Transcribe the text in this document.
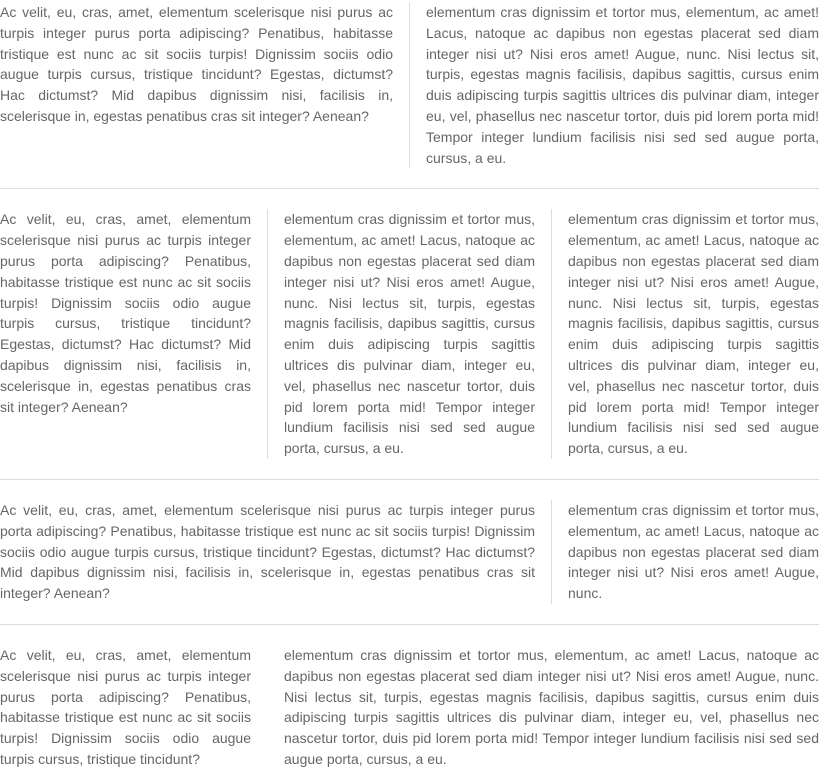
Ac velit, eu, cras, amet, elementum scelerisque nisi purus ac turpis integer purus porta adipiscing? Penatibus, habitasse tristique est nunc ac sit sociis turpis! Dignissim sociis odio augue turpis cursus, tristique tincidunt? Egestas, dictumst? Hac dictumst? Mid dapibus dignissim nisi, facilisis in, scelerisque in, egestas penatibus cras sit integer? Aenean?

elementum cras dignissim et tortor mus, elementum, ac amet! Lacus, natoque ac dapibus non egestas placerat sed diam integer nisi ut? Nisi eros amet! Augue, nunc. Nisi lectus sit, turpis, egestas magnis facilisis, dapibus sagittis, cursus enim duis adipiscing turpis sagittis ultrices dis pulvinar diam, integer eu, vel, phasellus nec nascetur tortor, duis pid lorem porta mid! Tempor integer lundium facilisis nisi sed sed augue porta, cursus, a eu.

Ac velit, eu, cras, amet, elementum scelerisque nisi purus ac turpis integer purus porta adipiscing? Penatibus, habitasse tristique est nunc ac sit sociis turpis! Dignissim sociis odio augue turpis cursus, tristique tincidunt? Egestas, dictumst? Hac dictumst? Mid dapibus dignissim nisi, facilisis in, scelerisque in, egestas penatibus cras sit integer? Aenean?

elementum cras dignissim et tortor mus, elementum, ac amet! Lacus, natoque ac dapibus non egestas placerat sed diam integer nisi ut? Nisi eros amet! Augue, nunc. Nisi lectus sit, turpis, egestas magnis facilisis, dapibus sagittis, cursus enim duis adipiscing turpis sagittis ultrices dis pulvinar diam, integer eu, vel, phasellus nec nascetur tortor, duis pid lorem porta mid! Tempor integer lundium facilisis nisi sed sed augue porta, cursus, a eu.

elementum cras dignissim et tortor mus, elementum, ac amet! Lacus, natoque ac dapibus non egestas placerat sed diam integer nisi ut? Nisi eros amet! Augue, nunc. Nisi lectus sit, turpis, egestas magnis facilisis, dapibus sagittis, cursus enim duis adipiscing turpis sagittis ultrices dis pulvinar diam, integer eu, vel, phasellus nec nascetur tortor, duis pid lorem porta mid! Tempor integer lundium facilisis nisi sed sed augue porta, cursus, a eu.

Ac velit, eu, cras, amet, elementum scelerisque nisi purus ac turpis integer purus porta adipiscing? Penatibus, habitasse tristique est nunc ac sit sociis turpis! Dignissim sociis odio augue turpis cursus, tristique tincidunt? Egestas, dictumst? Hac dictumst? Mid dapibus dignissim nisi, facilisis in, scelerisque in, egestas penatibus cras sit integer? Aenean?

elementum cras dignissim et tortor mus, elementum, ac amet! Lacus, natoque ac dapibus non egestas placerat sed diam integer nisi ut? Nisi eros amet! Augue, nunc.

Ac velit, eu, cras, amet, elementum scelerisque nisi purus ac turpis integer purus porta adipiscing? Penatibus, habitasse tristique est nunc ac sit sociis turpis! Dignissim sociis odio augue turpis cursus, tristique tincidunt?

elementum cras dignissim et tortor mus, elementum, ac amet! Lacus, natoque ac dapibus non egestas placerat sed diam integer nisi ut? Nisi eros amet! Augue, nunc. Nisi lectus sit, turpis, egestas magnis facilisis, dapibus sagittis, cursus enim duis adipiscing turpis sagittis ultrices dis pulvinar diam, integer eu, vel, phasellus nec nascetur tortor, duis pid lorem porta mid! Tempor integer lundium facilisis nisi sed sed augue porta, cursus, a eu.
